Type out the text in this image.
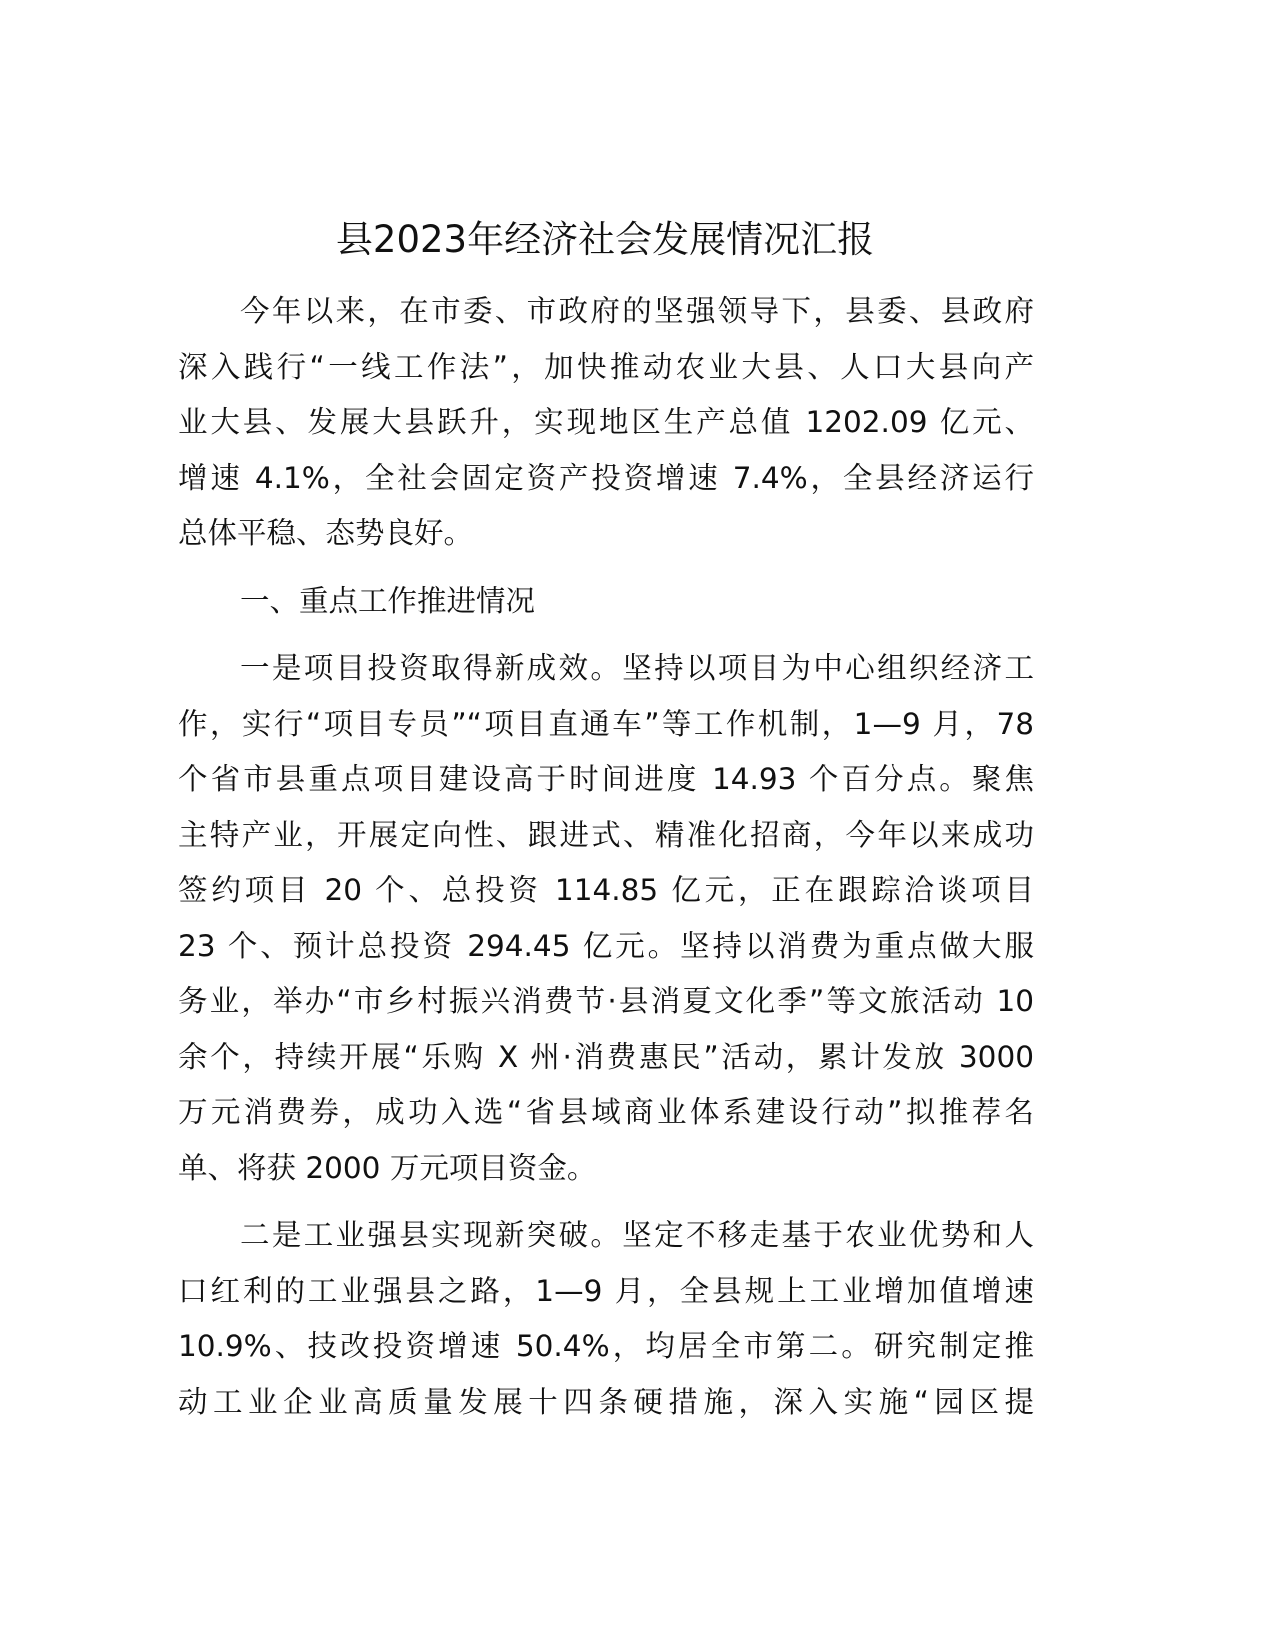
县2023年经济社会发展情况汇报
今年以来，在市委、市政府的坚强领导下，县委、县政府
深入践行“一线工作法”，加快推动农业大县、人口大县向产
业大县、发展大县跃升，实现地区生产总值 1202.09 亿元、
增速 4.1%，全社会固定资产投资增速 7.4%，全县经济运行
总体平稳、态势良好。
一、重点工作推进情况
一是项目投资取得新成效。坚持以项目为中心组织经济工
作，实行“项目专员”“项目直通车”等工作机制，1—9 月，78
个省市县重点项目建设高于时间进度 14.93 个百分点。聚焦
主特产业，开展定向性、跟进式、精准化招商，今年以来成功
签约项目 20 个、总投资 114.85 亿元，正在跟踪洽谈项目
23 个、预计总投资 294.45 亿元。坚持以消费为重点做大服
务业，举办“市乡村振兴消费节·县消夏文化季”等文旅活动 10
余个，持续开展“乐购 X 州·消费惠民”活动，累计发放 3000
万元消费券，成功入选“省县域商业体系建设行动”拟推荐名
单、将获 2000 万元项目资金。
二是工业强县实现新突破。坚定不移走基于农业优势和人
口红利的工业强县之路，1—9 月，全县规上工业增加值增速
10.9%、技改投资增速 50.4%，均居全市第二。研究制定推
动工业企业高质量发展十四条硬措施，深入实施“园区提
